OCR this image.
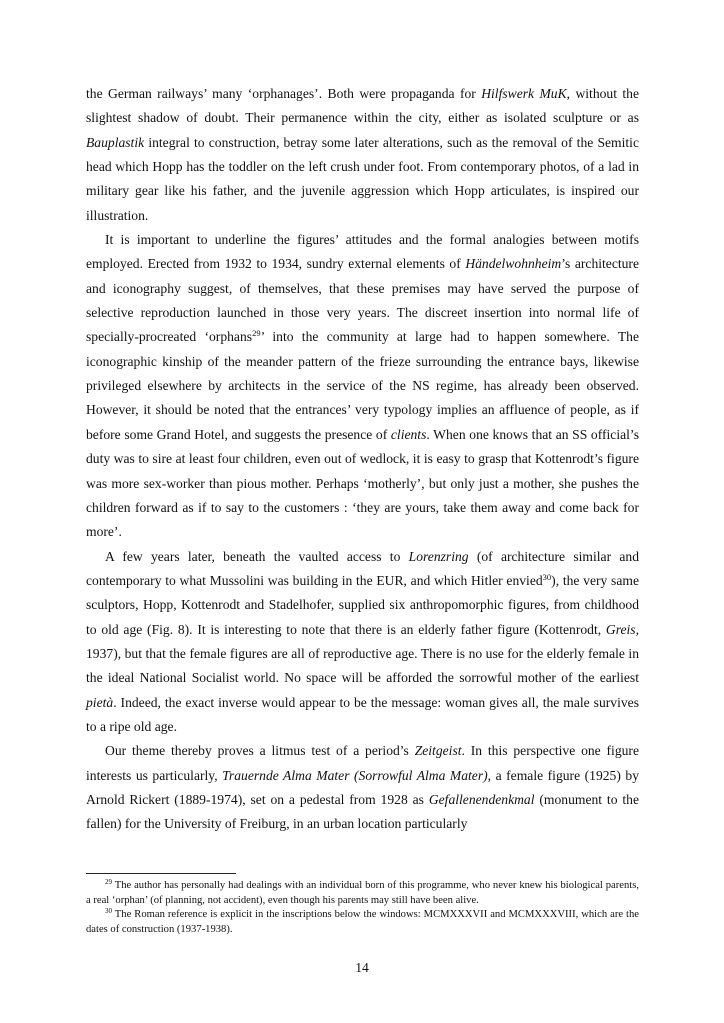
the German railways’ many ‘orphanages’. Both were propaganda for Hilfswerk MuK, without the slightest shadow of doubt. Their permanence within the city, either as isolated sculpture or as Bauplastik integral to construction, betray some later alterations, such as the removal of the Semitic head which Hopp has the toddler on the left crush under foot. From contemporary photos, of a lad in military gear like his father, and the juvenile aggression which Hopp articulates, is inspired our illustration.

It is important to underline the figures’ attitudes and the formal analogies between motifs employed. Erected from 1932 to 1934, sundry external elements of Händelwohnheim’s architecture and iconography suggest, of themselves, that these premises may have served the purpose of selective reproduction launched in those very years. The discreet insertion into normal life of specially-procreated ‘orphans$^{29}$’ into the community at large had to happen somewhere. The iconographic kinship of the meander pattern of the frieze surrounding the entrance bays, likewise privileged elsewhere by architects in the service of the NS regime, has already been observed. However, it should be noted that the entrances’ very typology implies an affluence of people, as if before some Grand Hotel, and suggests the presence of clients. When one knows that an SS official’s duty was to sire at least four children, even out of wedlock, it is easy to grasp that Kottenrodt’s figure was more sex-worker than pious mother. Perhaps ‘motherly’, but only just a mother, she pushes the children forward as if to say to the customers : ‘they are yours, take them away and come back for more’.

A few years later, beneath the vaulted access to Lorenzring (of architecture similar and contemporary to what Mussolini was building in the EUR, and which Hitler envied$^{30}$), the very same sculptors, Hopp, Kottenrodt and Stadelhofer, supplied six anthropomorphic figures, from childhood to old age (Fig. 8). It is interesting to note that there is an elderly father figure (Kottenrodt, Greis, 1937), but that the female figures are all of reproductive age. There is no use for the elderly female in the ideal National Socialist world. No space will be afforded the sorrowful mother of the earliest pietà. Indeed, the exact inverse would appear to be the message: woman gives all, the male survives to a ripe old age.

Our theme thereby proves a litmus test of a period’s Zeitgeist. In this perspective one figure interests us particularly, Trauernde Alma Mater (Sorrowful Alma Mater), a female figure (1925) by Arnold Rickert (1889-1974), set on a pedestal from 1928 as Gefallenendenkmal (monument to the fallen) for the University of Freiburg, in an urban location particularly

$^{29}$ The author has personally had dealings with an individual born of this programme, who never knew his biological parents, a real ‘orphan’ (of planning, not accident), even though his parents may still have been alive.

$^{30}$ The Roman reference is explicit in the inscriptions below the windows: MCMXXXVII and MCMXXXVIII, which are the dates of construction (1937-1938).

14
